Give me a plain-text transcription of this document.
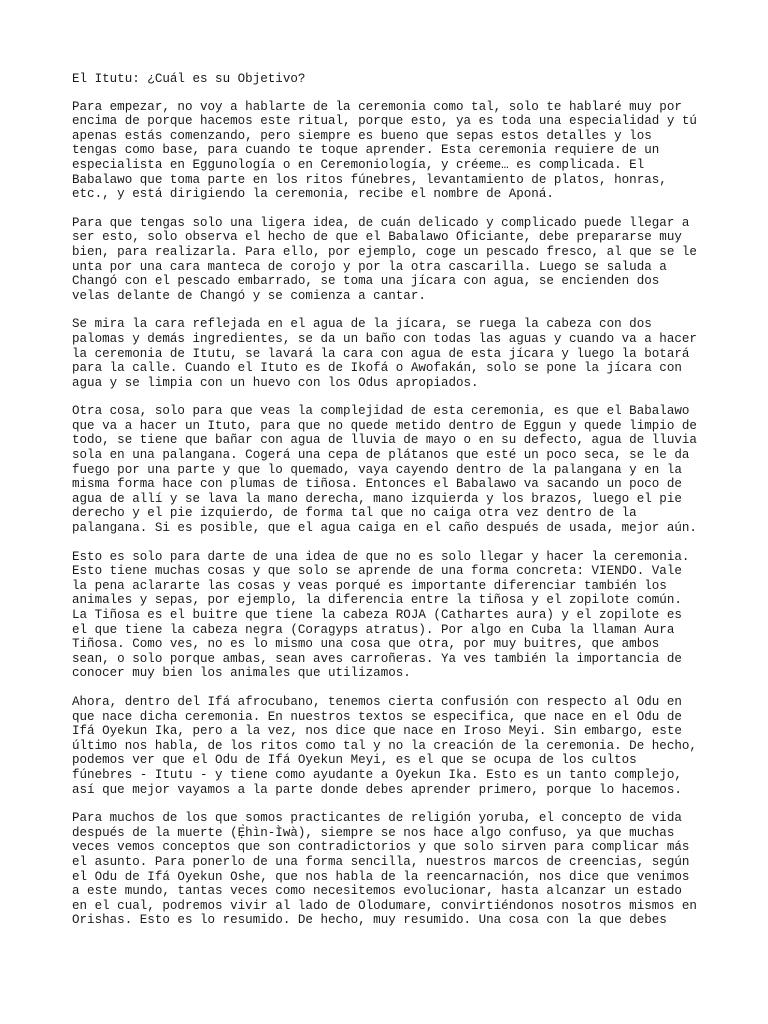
El Itutu: ¿Cuál es su Objetivo?
Para empezar, no voy a hablarte de la ceremonia como tal, solo te hablaré muy por
encima de porque hacemos este ritual, porque esto, ya es toda una especialidad y tú
apenas estás comenzando, pero siempre es bueno que sepas estos detalles y los
tengas como base, para cuando te toque aprender. Esta ceremonia requiere de un
especialista en Eggunología o en Ceremoniología, y créeme… es complicada. El
Babalawo que toma parte en los ritos fúnebres, levantamiento de platos, honras,
etc., y está dirigiendo la ceremonia, recibe el nombre de Aponá.
Para que tengas solo una ligera idea, de cuán delicado y complicado puede llegar a
ser esto, solo observa el hecho de que el Babalawo Oficiante, debe prepararse muy
bien, para realizarla. Para ello, por ejemplo, coge un pescado fresco, al que se le
unta por una cara manteca de corojo y por la otra cascarilla. Luego se saluda a
Changó con el pescado embarrado, se toma una jícara con agua, se encienden dos
velas delante de Changó y se comienza a cantar.
Se mira la cara reflejada en el agua de la jícara, se ruega la cabeza con dos
palomas y demás ingredientes, se da un baño con todas las aguas y cuando va a hacer
la ceremonia de Itutu, se lavará la cara con agua de esta jícara y luego la botará
para la calle. Cuando el Ituto es de Ikofá o Awofakán, solo se pone la jícara con
agua y se limpia con un huevo con los Odus apropiados.
Otra cosa, solo para que veas la complejidad de esta ceremonia, es que el Babalawo
que va a hacer un Ituto, para que no quede metido dentro de Eggun y quede limpio de
todo, se tiene que bañar con agua de lluvia de mayo o en su defecto, agua de lluvia
sola en una palangana. Cogerá una cepa de plátanos que esté un poco seca, se le da
fuego por una parte y que lo quemado, vaya cayendo dentro de la palangana y en la
misma forma hace con plumas de tiñosa. Entonces el Babalawo va sacando un poco de
agua de allí y se lava la mano derecha, mano izquierda y los brazos, luego el pie
derecho y el pie izquierdo, de forma tal que no caiga otra vez dentro de la
palangana. Si es posible, que el agua caiga en el caño después de usada, mejor aún.
Esto es solo para darte de una idea de que no es solo llegar y hacer la ceremonia.
Esto tiene muchas cosas y que solo se aprende de una forma concreta: VIENDO. Vale
la pena aclararte las cosas y veas porqué es importante diferenciar también los
animales y sepas, por ejemplo, la diferencia entre la tiñosa y el zopilote común.
La Tiñosa es el buitre que tiene la cabeza ROJA (Cathartes aura) y el zopilote es
el que tiene la cabeza negra (Coragyps atratus). Por algo en Cuba la llaman Aura
Tiñosa. Como ves, no es lo mismo una cosa que otra, por muy buitres, que ambos
sean, o solo porque ambas, sean aves carroñeras. Ya ves también la importancia de
conocer muy bien los animales que utilizamos.
Ahora, dentro del Ifá afrocubano, tenemos cierta confusión con respecto al Odu en
que nace dicha ceremonia. En nuestros textos se especifica, que nace en el Odu de
Ifá Oyekun Ika, pero a la vez, nos dice que nace en Iroso Meyi. Sin embargo, este
último nos habla, de los ritos como tal y no la creación de la ceremonia. De hecho,
podemos ver que el Odu de Ifá Oyekun Meyi, es el que se ocupa de los cultos
fúnebres - Itutu - y tiene como ayudante a Oyekun Ika. Esto es un tanto complejo,
así que mejor vayamos a la parte donde debes aprender primero, porque lo hacemos.
Para muchos de los que somos practicantes de religión yoruba, el concepto de vida
después de la muerte (Ẹ̀hìn-Ìwà), siempre se nos hace algo confuso, ya que muchas
veces vemos conceptos que son contradictorios y que solo sirven para complicar más
el asunto. Para ponerlo de una forma sencilla, nuestros marcos de creencias, según
el Odu de Ifá Oyekun Oshe, que nos habla de la reencarnación, nos dice que venimos
a este mundo, tantas veces como necesitemos evolucionar, hasta alcanzar un estado
en el cual, podremos vivir al lado de Olodumare, convirtiéndonos nosotros mismos en
Orishas. Esto es lo resumido. De hecho, muy resumido. Una cosa con la que debes
